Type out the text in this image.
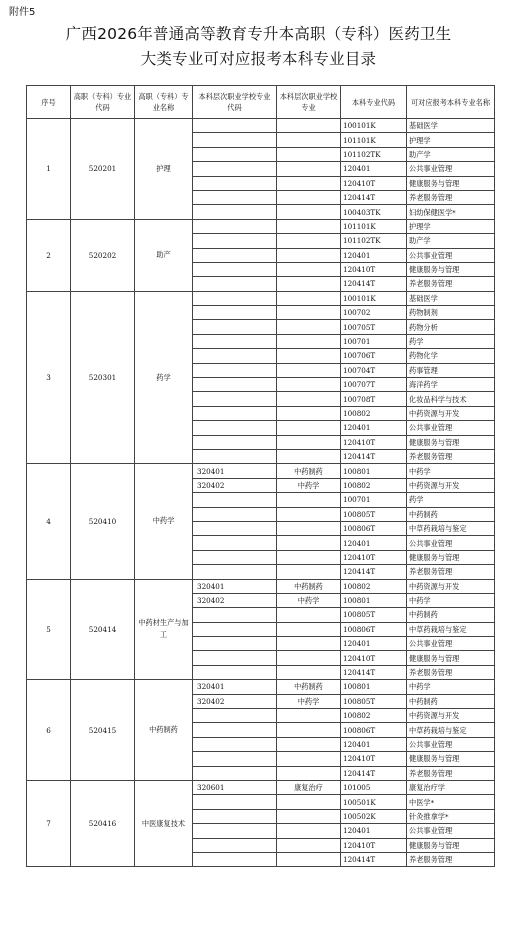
附件5
广西2026年普通高等教育专升本高职（专科）医药卫生
大类专业可对应报考本科专业目录
序号	高职（专科）专业代码	高职（专科）专业名称	本科层次职业学校专业代码	本科层次职业学校专业	本科专业代码	可对应报考本科专业名称
1	520201	护理			100101K	基础医学
					101101K	护理学
					101102TK	助产学
					120401	公共事业管理
					120410T	健康服务与管理
					120414T	养老服务管理
					100403TK	妇幼保健医学*
2	520202	助产			101101K	护理学
					101102TK	助产学
					120401	公共事业管理
					120410T	健康服务与管理
					120414T	养老服务管理
3	520301	药学			100101K	基础医学
					100702	药物制剂
					100705T	药物分析
					100701	药学
					100706T	药物化学
					100704T	药事管理
					100707T	海洋药学
					100708T	化妆品科学与技术
					100802	中药资源与开发
					120401	公共事业管理
					120410T	健康服务与管理
					120414T	养老服务管理
4	520410	中药学	320401	中药制药	100801	中药学
			320402	中药学	100802	中药资源与开发
					100701	药学
					100805T	中药制药
					100806T	中草药栽培与鉴定
					120401	公共事业管理
					120410T	健康服务与管理
					120414T	养老服务管理
5	520414	中药材生产与加工	320401	中药制药	100802	中药资源与开发
			320402	中药学	100801	中药学
					100805T	中药制药
					100806T	中草药栽培与鉴定
					120401	公共事业管理
					120410T	健康服务与管理
					120414T	养老服务管理
6	520415	中药制药	320401	中药制药	100801	中药学
			320402	中药学	100805T	中药制药
					100802	中药资源与开发
					100806T	中草药栽培与鉴定
					120401	公共事业管理
					120410T	健康服务与管理
					120414T	养老服务管理
7	520416	中医康复技术	320601	康复治疗	101005	康复治疗学
					100501K	中医学*
					100502K	针灸推拿学*
					120401	公共事业管理
					120410T	健康服务与管理
					120414T	养老服务管理
